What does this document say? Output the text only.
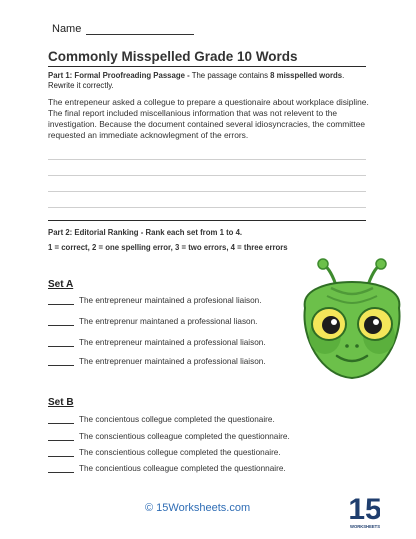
Name
Commonly Misspelled Grade 10 Words
Part 1: Formal Proofreading Passage - The passage contains 8 misspelled words. Rewrite it correctly.
The entrepeneur asked a collegue to prepare a questionaire about workplace disipline. The final report included miscellanious information that was not relevent to the investigation. Because the document contained several idiosyncracies, the committee requested an immediate acknowlegment of the errors.
Part 2: Editorial Ranking - Rank each set from 1 to 4.
1 = correct, 2 = one spelling error, 3 = two errors, 4 = three errors
Set A
The entrepreneur maintained a profesional liaison.
The entreprenur maintaned a professional liason.
The entrepreneur maintained a professional liaison.
The entreprenuer maintained a professional liaison.
Set B
The concientous collegue completed the questionaire.
The conscientious colleague completed the questionnaire.
The conscientious collegue completed the questionaire.
The concientious colleague completed the questionnaire.
© 15Worksheets.com	15
WORKSHEETS
